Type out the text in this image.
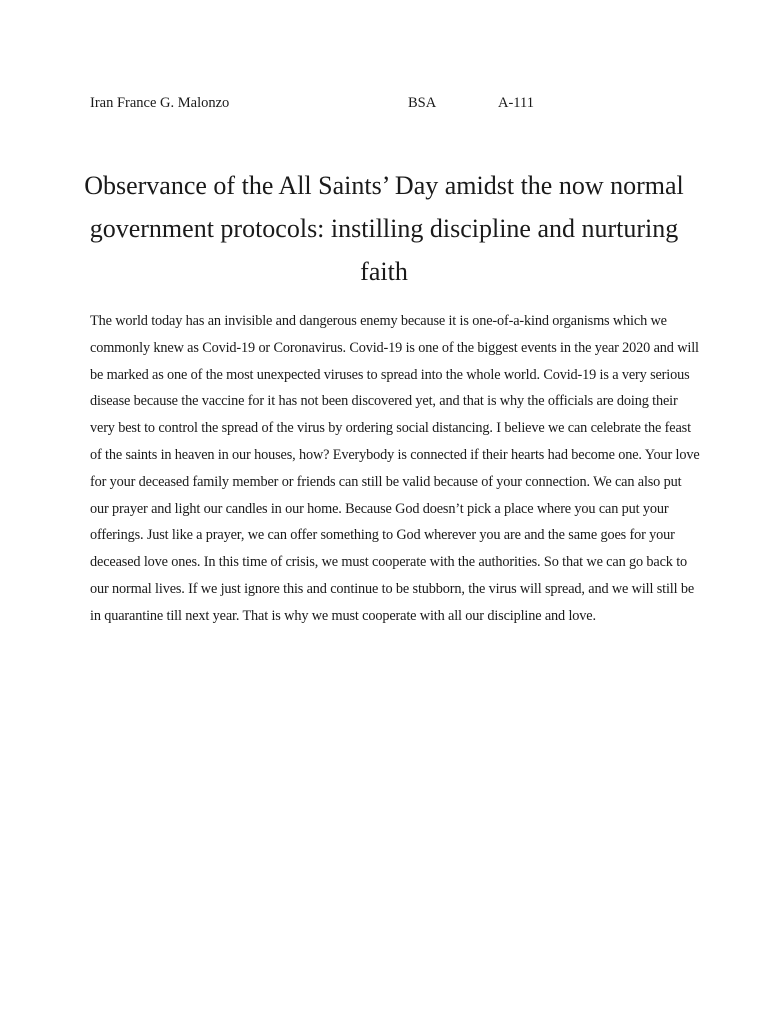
Iran France G. Malonzo	BSA	A-111
Observance of the All Saints’ Day amidst the now normal government protocols: instilling discipline and nurturing faith

The world today has an invisible and dangerous enemy because it is one-of-a-kind organisms which we commonly knew as Covid-19 or Coronavirus. Covid-19 is one of the biggest events in the year 2020 and will be marked as one of the most unexpected viruses to spread into the whole world. Covid-19 is a very serious disease because the vaccine for it has not been discovered yet, and that is why the officials are doing their very best to control the spread of the virus by ordering social distancing. I believe we can celebrate the feast of the saints in heaven in our houses, how? Everybody is connected if their hearts had become one. Your love for your deceased family member or friends can still be valid because of your connection. We can also put our prayer and light our candles in our home. Because God doesn’t pick a place where you can put your offerings. Just like a prayer, we can offer something to God wherever you are and the same goes for your deceased love ones. In this time of crisis, we must cooperate with the authorities. So that we can go back to our normal lives. If we just ignore this and continue to be stubborn, the virus will spread, and we will still be in quarantine till next year. That is why we must cooperate with all our discipline and love.
